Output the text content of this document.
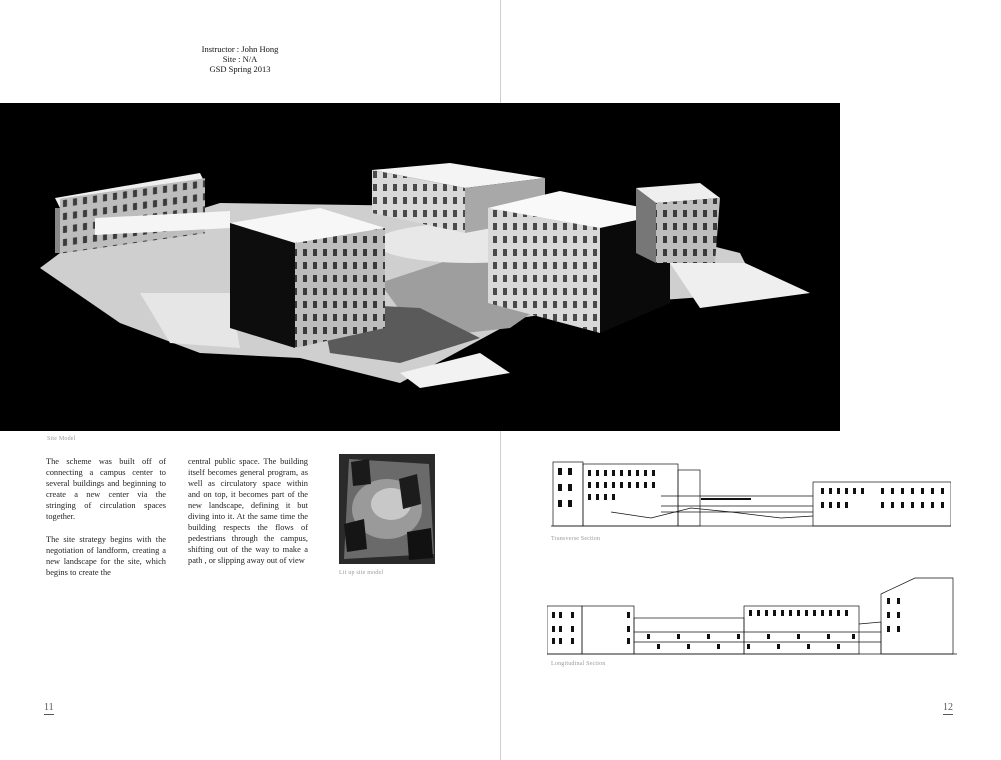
Instructor : John Hong
Site : N/A
GSD Spring 2013
Site Model

The scheme was built off of connecting a campus center to several buildings and beginning to create a new center via the stringing of circulation spaces together.

The site strategy begins with the negotiation of landform, creating a new landscape for the site, which begins to create the

central public space. The building itself becomes general program, as well as circulatory space within and on top, it becomes part of the new landscape, defining it but diving into it. At the same time the building respects the flows of pedestrians through the campus, shifting out of the way to make a path , or slipping away out of view

Lit up site model
Transverse Section
Longitudinal Section
11	12
